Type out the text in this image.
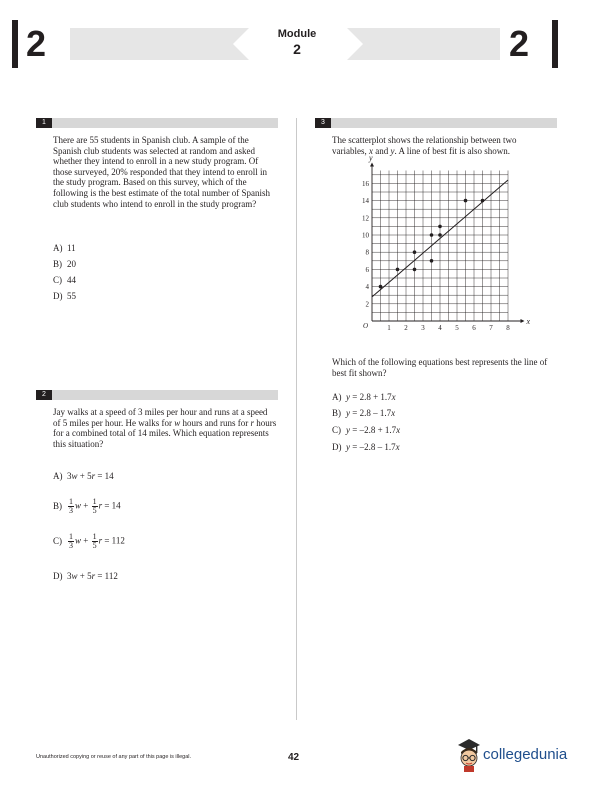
2	Module
2	2
1
There are 55 students in Spanish club. A sample of the Spanish club students was selected at random and asked whether they intend to enroll in a new study program. Of those surveyed, 20% responded that they intend to enroll in the study program. Based on this survey, which of the following is the best estimate of the total number of Spanish club students who intend to enroll in the study program?
A) 11
B) 20
C) 44
D) 55
2
Jay walks at a speed of 3 miles per hour and runs at a speed of 5 miles per hour. He walks for w hours and runs for r hours for a combined total of 14 miles. Which equation represents this situation?
A) 3w + 5r = 14
$B) \frac{1}{3}$ $w + \frac{1}{5}$ r = 14
$C) \frac{1}{3}$ $w + \frac{1}{5}$ r = 112
D) 3w + 5r = 112
3
The scatterplot shows the relationship between two variables, x and y. A line of best fit is also shown.
x
y
O	1 2 3 4 5 6 7 8
2
4
6
8
10
12
14
16
Which of the following equations best represents the line of best fit shown?
A) y = 2.8 + 1.7x
B) y = 2.8 – 1.7x
C) y = –2.8 + 1.7x
D) y = –2.8 – 1.7x
Unauthorized copying or reuse of any part of this page is illegal.	42	collegedunia
